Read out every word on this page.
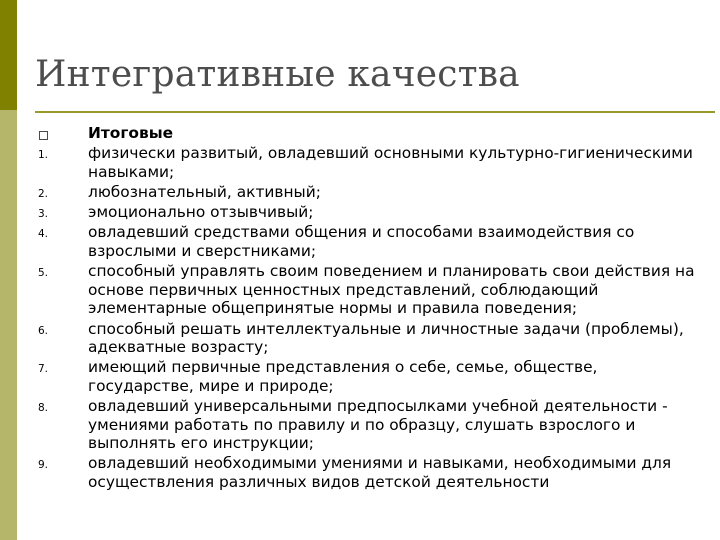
Интегративные качества
Итоговые
1.	физически развитый, овладевший основными культурно-гигиеническими навыками;
2.	любознательный, активный;
3.	эмоционально отзывчивый;
4.	овладевший средствами общения и способами взаимодействия со взрослыми и сверстниками;
5.	способный управлять своим поведением и планировать свои действия на основе первичных ценностных представлений, соблюдающий элементарные общепринятые нормы и правила поведения;
6.	способный решать интеллектуальные и личностные задачи (проблемы), адекватные возрасту;
7.	имеющий первичные представления о себе, семье, обществе, государстве, мире и природе;
8.	овладевший универсальными предпосылками учебной деятельности - умениями работать по правилу и по образцу, слушать взрослого и выполнять его инструкции;
9.	овладевший необходимыми умениями и навыками, необходимыми для осуществления различных видов детской деятельности
